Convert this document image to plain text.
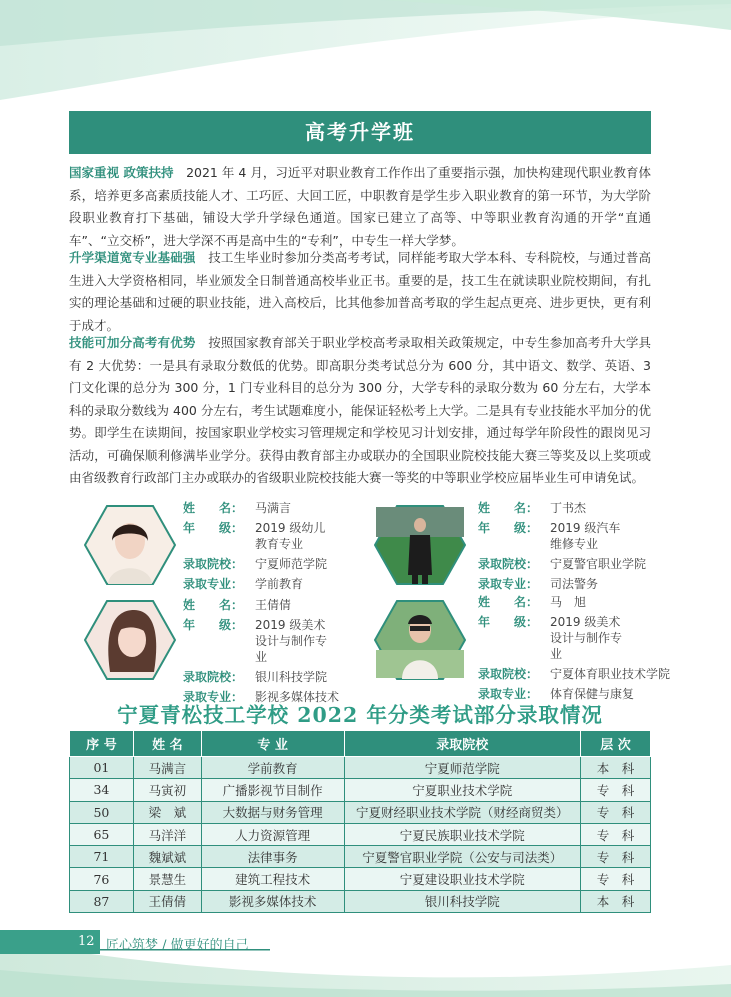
高考升学班

国家重视 政策扶持　2021 年 4 月，习近平对职业教育工作作出了重要指示强，加快构建现代职业教育体系，培养更多高素质技能人才、工巧匠、大回工匠，中职教育是学生步入职业教育的第一环节，为大学阶段职业教育打下基础，铺设大学升学绿色通道。国家已建立了高等、中等职业教育沟通的开学“直通车”、“立交桥”，进大学深不再是高中生的“专利”，中专生一样大学梦。

升学渠道宽专业基础强　技工生毕业时参加分类高考考试，同样能考取大学本科、专科院校，与通过普高生进入大学资格相同，毕业颁发全日制普通高校毕业正书。重要的是，技工生在就读职业院校期间，有扎实的理论基础和过硬的职业技能，进入高校后，比其他参加普高考取的学生起点更亮、进步更快，更有利于成才。

技能可加分高考有优势　按照国家教育部关于职业学校高考录取相关政策规定，中专生参加高考升大学具有 2 大优势：一是具有录取分数低的优势。即高职分类考试总分为 600 分，其中语文、数学、英语、3 门文化课的总分为 300 分，1 门专业科目的总分为 300 分，大学专科的录取分数为 60 分左右，大学本科的录取分数线为 400 分左右，考生试题难度小，能保证轻松考上大学。二是具有专业技能水平加分的优势。即学生在读期间，按国家职业学校实习管理规定和学校见习计划安排，通过每学年阶段性的跟岗见习活动，可确保顺利修满毕业学分。获得由教育部主办或联办的全国职业院校技能大赛三等奖及以上奖项或由省级教育行政部门主办或联办的省级职业院校技能大赛一等奖的中等职业学校应届毕业生可申请免试。

姓　　名： 马满言
年　　级： 2019 级幼儿教育专业
录取院校： 宁夏师范学院
录取专业： 学前教育
姓　　名： 丁书杰
年　　级： 2019 级汽车维修专业
录取院校： 宁夏警官职业学院
录取专业： 司法警务
姓　　名： 王倩倩
年　　级： 2019 级美术设计与制作专业
录取院校： 银川科技学院
录取专业： 影视多媒体技术
姓　　名： 马　旭
年　　级： 2019 级美术设计与制作专业
录取院校： 宁夏体育职业技术学院
录取专业： 体育保健与康复
宁夏青松技工学校 2022 年分类考试部分录取情况
序 号	姓 名	专 业	录取院校	层 次
01	马满言	学前教育	宁夏师范学院	本　科
34	马寅初	广播影视节目制作	宁夏职业技术学院	专　科
50	梁　斌	大数据与财务管理	宁夏财经职业技术学院（财经商贸类）	专　科
65	马洋洋	人力资源管理	宁夏民族职业技术学院	专　科
71	魏斌斌	法律事务	宁夏警官职业学院（公安与司法类）	专　科
76	景慧生	建筑工程技术	宁夏建设职业技术学院	专　科
87	王倩倩	影视多媒体技术	银川科技学院	本　科
12 匠心筑梦 / 做更好的自己
